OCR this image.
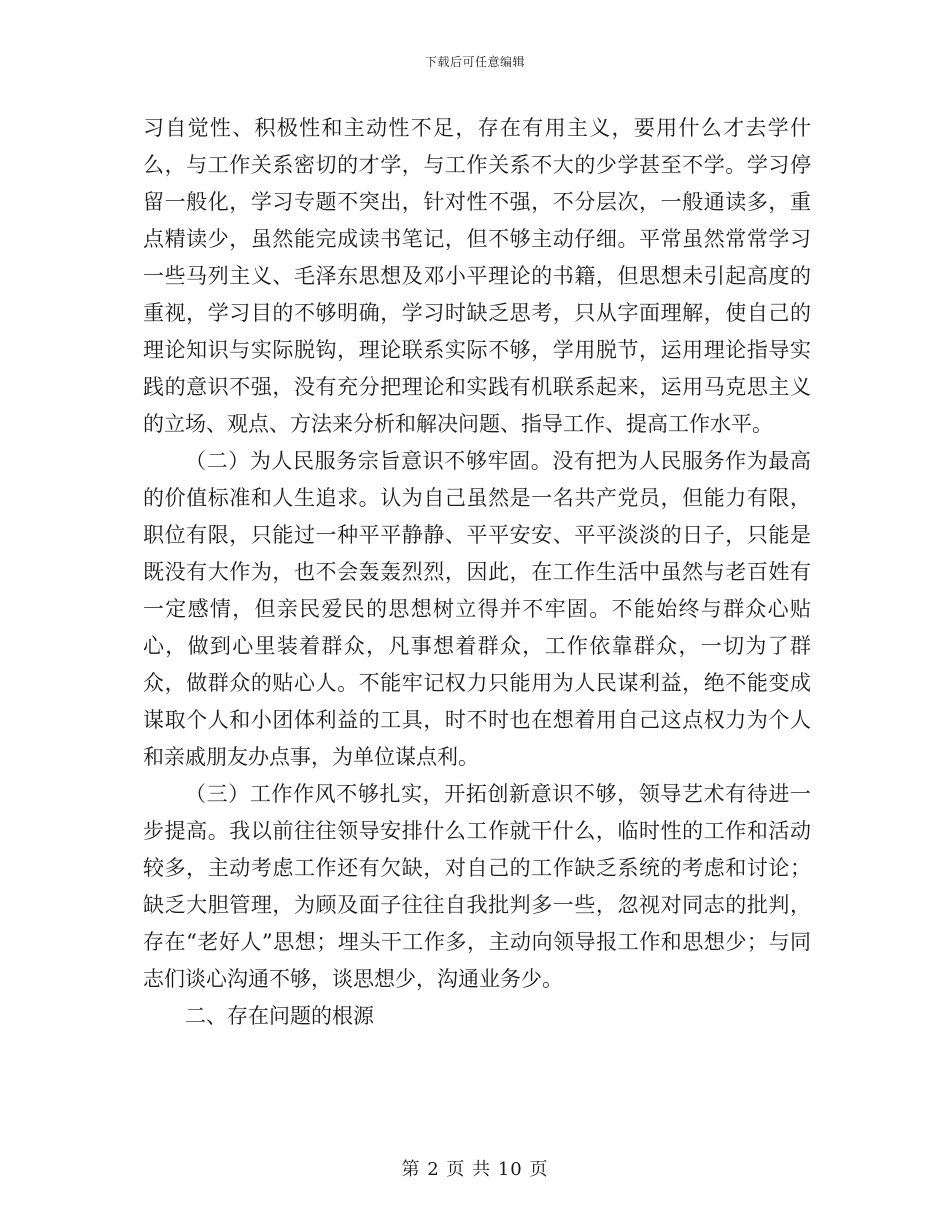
下载后可任意编辑

习自觉性、积极性和主动性不足，存在有用主义，要用什么才去学什么，与工作关系密切的才学，与工作关系不大的少学甚至不学。学习停留一般化，学习专题不突出，针对性不强，不分层次，一般通读多，重点精读少，虽然能完成读书笔记，但不够主动仔细。平常虽然常常学习一些马列主义、毛泽东思想及邓小平理论的书籍，但思想未引起高度的重视，学习目的不够明确，学习时缺乏思考，只从字面理解，使自己的理论知识与实际脱钩，理论联系实际不够，学用脱节，运用理论指导实践的意识不强，没有充分把理论和实践有机联系起来，运用马克思主义的立场、观点、方法来分析和解决问题、指导工作、提高工作水平。

（二）为人民服务宗旨意识不够牢固。没有把为人民服务作为最高的价值标准和人生追求。认为自己虽然是一名共产党员，但能力有限，职位有限，只能过一种平平静静、平平安安、平平淡淡的日子，只能是既没有大作为，也不会轰轰烈烈，因此，在工作生活中虽然与老百姓有一定感情，但亲民爱民的思想树立得并不牢固。不能始终与群众心贴心，做到心里装着群众，凡事想着群众，工作依靠群众，一切为了群众，做群众的贴心人。不能牢记权力只能用为人民谋利益，绝不能变成谋取个人和小团体利益的工具，时不时也在想着用自己这点权力为个人和亲戚朋友办点事，为单位谋点利。

（三）工作作风不够扎实，开拓创新意识不够，领导艺术有待进一步提高。我以前往往领导安排什么工作就干什么，临时性的工作和活动较多，主动考虑工作还有欠缺，对自己的工作缺乏系统的考虑和讨论；缺乏大胆管理，为顾及面子往往自我批判多一些，忽视对同志的批判，存在“老好人”思想；埋头干工作多，主动向领导报工作和思想少；与同志们谈心沟通不够，谈思想少，沟通业务少。

二、存在问题的根源

第 2 页 共 10 页
